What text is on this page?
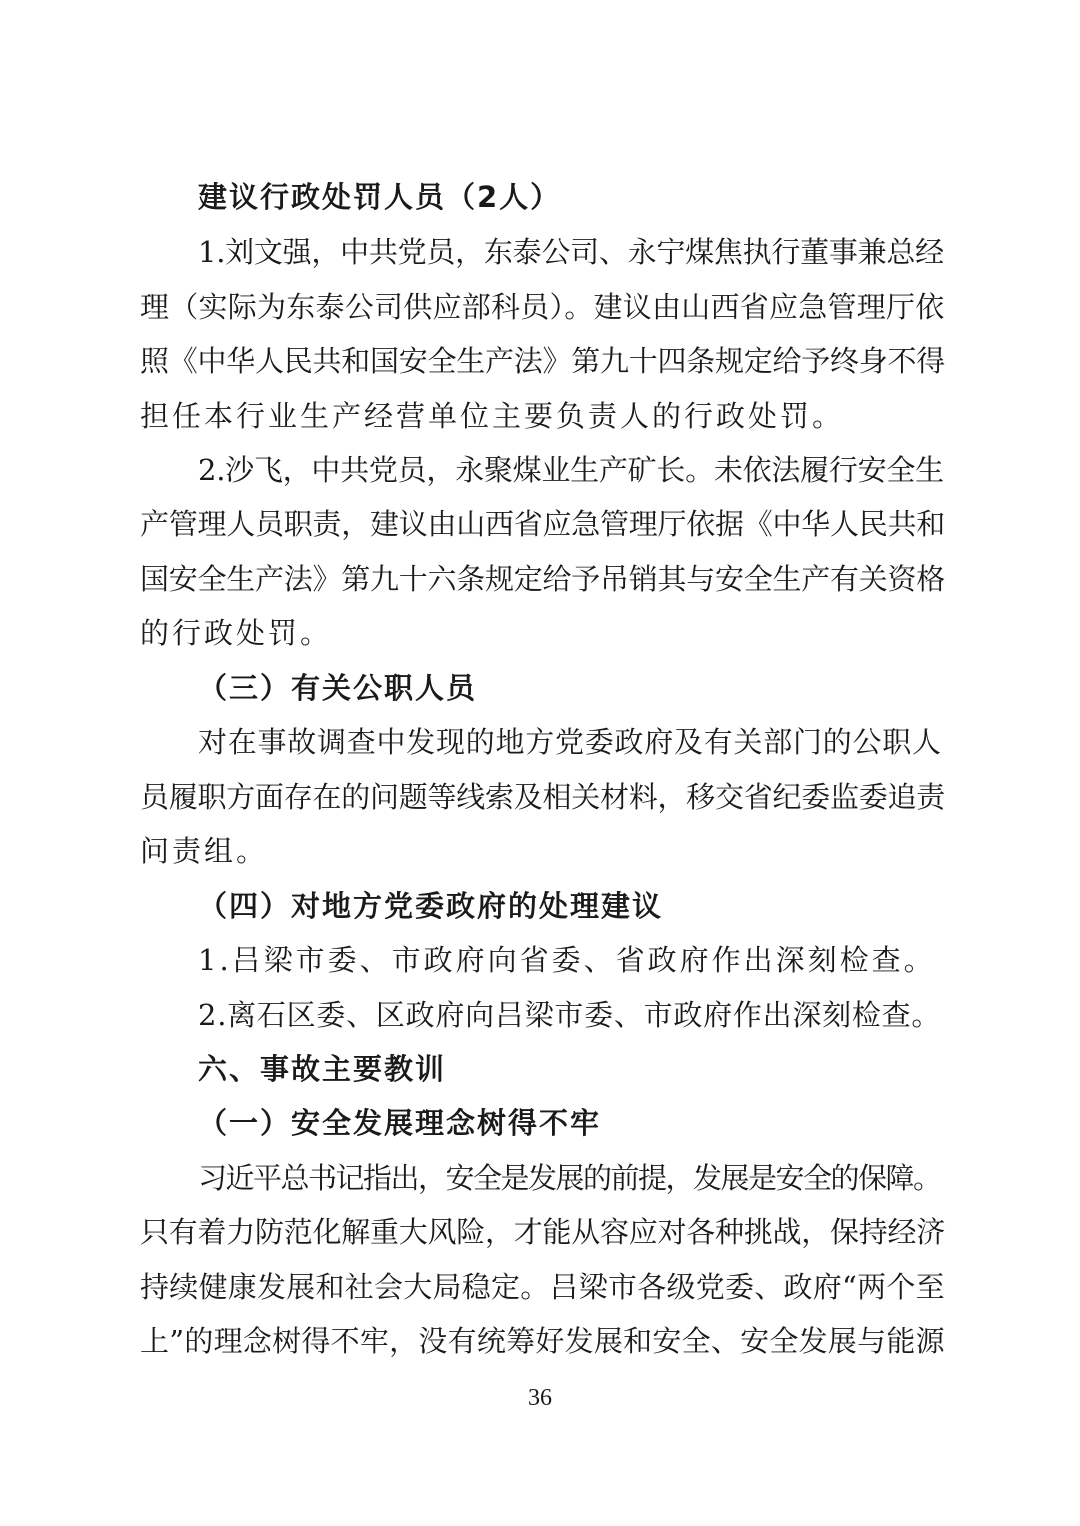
建议行政处罚人员（2人）
1.刘文强，中共党员，东泰公司、永宁煤焦执行董事兼总经
理（实际为东泰公司供应部科员）。建议由山西省应急管理厅依
照《中华人民共和国安全生产法》第九十四条规定给予终身不得
担任本行业生产经营单位主要负责人的行政处罚。
2.沙飞，中共党员，永聚煤业生产矿长。未依法履行安全生
产管理人员职责，建议由山西省应急管理厅依据《中华人民共和
国安全生产法》第九十六条规定给予吊销其与安全生产有关资格
的行政处罚。
（三）有关公职人员
对在事故调查中发现的地方党委政府及有关部门的公职人
员履职方面存在的问题等线索及相关材料，移交省纪委监委追责
问责组。
（四）对地方党委政府的处理建议
1.吕梁市委、市政府向省委、省政府作出深刻检查。
2.离石区委、区政府向吕梁市委、市政府作出深刻检查。
六、事故主要教训
（一）安全发展理念树得不牢
习近平总书记指出，安全是发展的前提，发展是安全的保障。
只有着力防范化解重大风险，才能从容应对各种挑战，保持经济
持续健康发展和社会大局稳定。吕梁市各级党委、政府“两个至
上”的理念树得不牢，没有统筹好发展和安全、安全发展与能源
36
